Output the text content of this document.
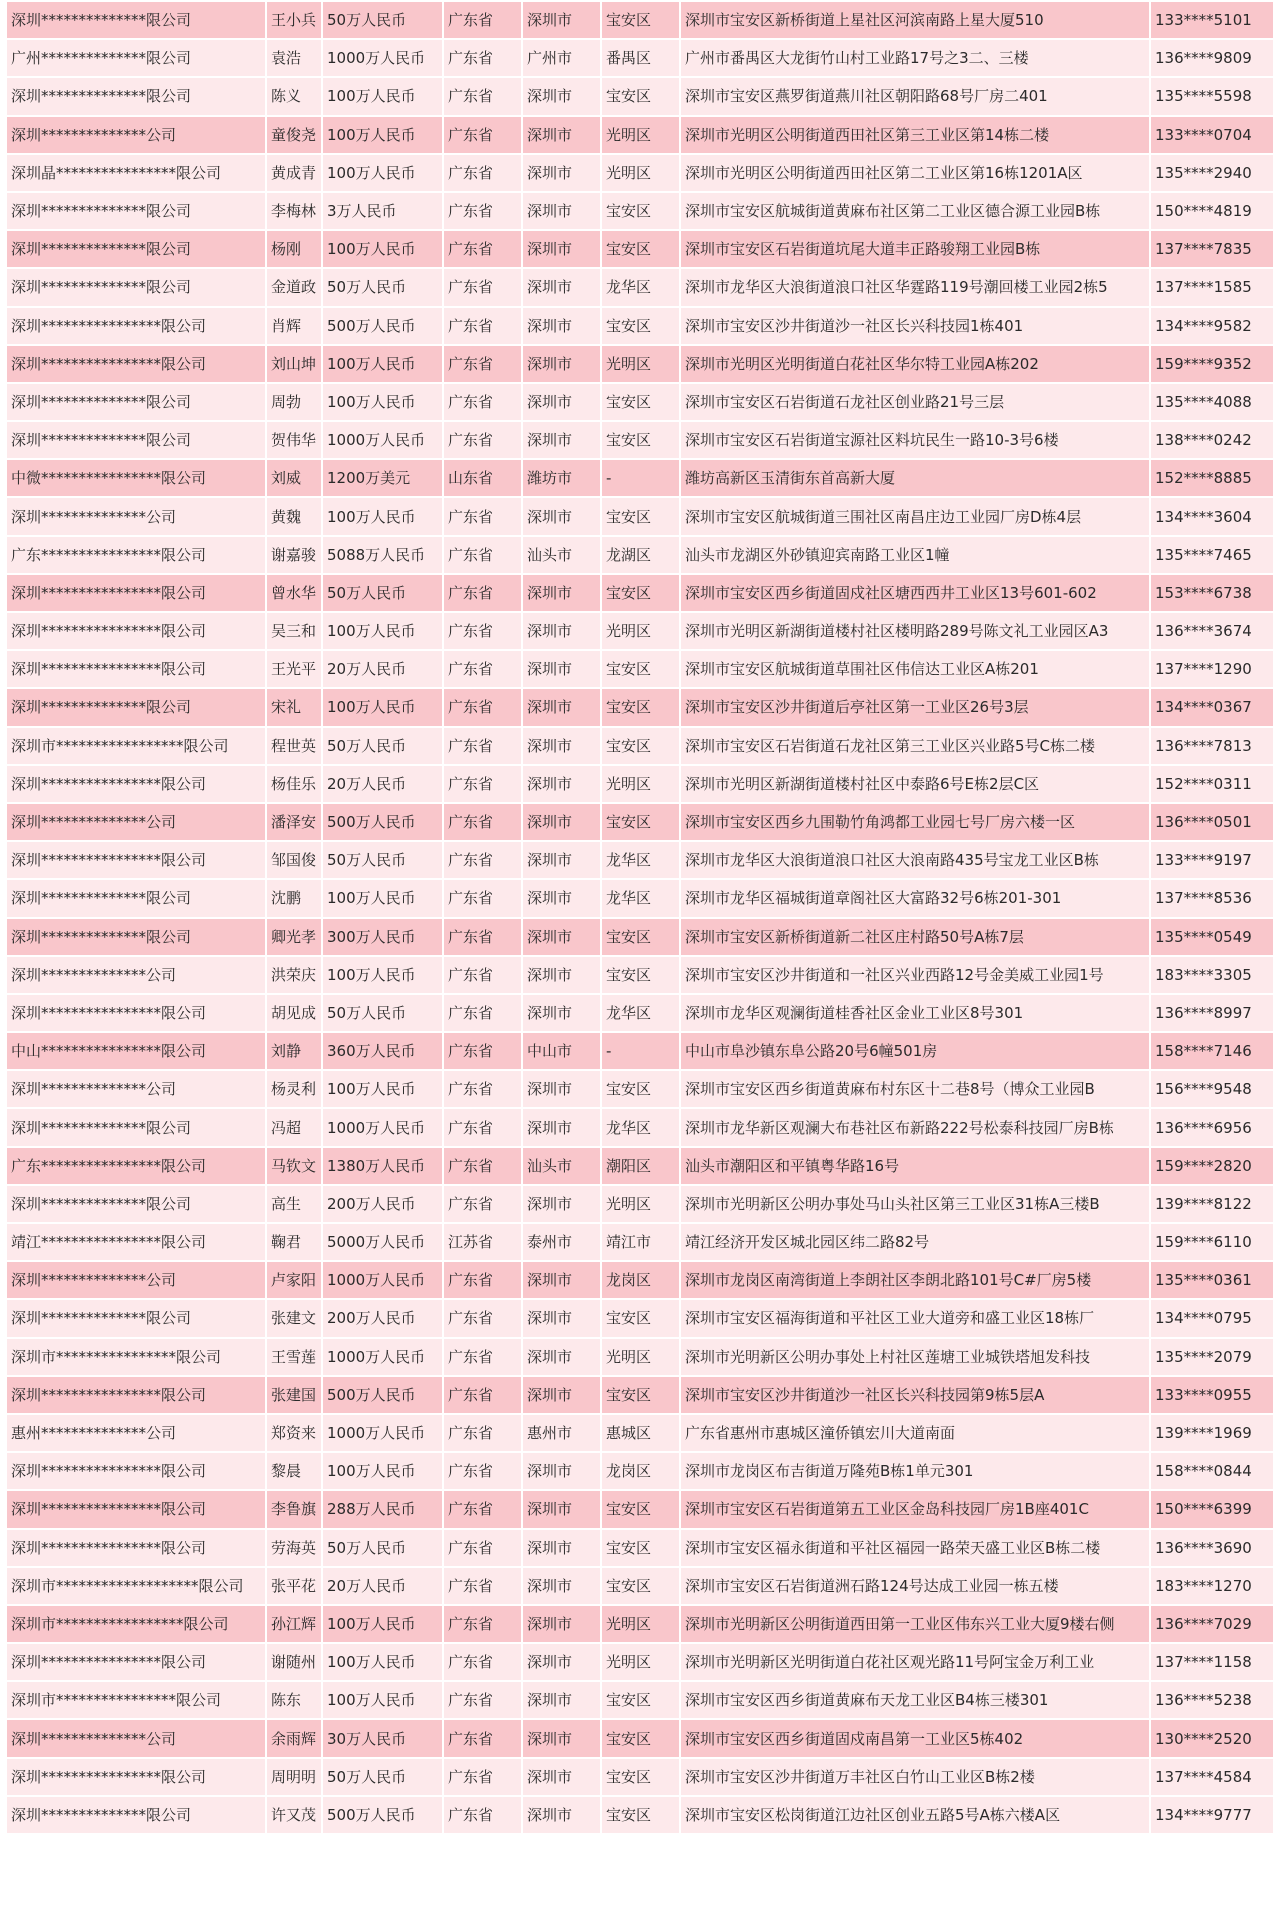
深圳**************限公司	王小兵	50万人民币	广东省	深圳市	宝安区	深圳市宝安区新桥街道上星社区河滨南路上星大厦510	133****5101
广州**************限公司	袁浩	1000万人民币	广东省	广州市	番禺区	广州市番禺区大龙街竹山村工业路17号之3二、三楼	136****9809
深圳**************限公司	陈义	100万人民币	广东省	深圳市	宝安区	深圳市宝安区燕罗街道燕川社区朝阳路68号厂房二401	135****5598
深圳**************公司	童俊尧	100万人民币	广东省	深圳市	光明区	深圳市光明区公明街道西田社区第三工业区第14栋二楼	133****0704
深圳晶****************限公司	黄成青	100万人民币	广东省	深圳市	光明区	深圳市光明区公明街道西田社区第二工业区第16栋1201A区	135****2940
深圳**************限公司	李梅林	3万人民币	广东省	深圳市	宝安区	深圳市宝安区航城街道黄麻布社区第二工业区德合源工业园B栋	150****4819
深圳**************限公司	杨刚	100万人民币	广东省	深圳市	宝安区	深圳市宝安区石岩街道坑尾大道丰正路骏翔工业园B栋	137****7835
深圳**************限公司	金道政	50万人民币	广东省	深圳市	龙华区	深圳市龙华区大浪街道浪口社区华霆路119号潮回楼工业园2栋5	137****1585
深圳****************限公司	肖辉	500万人民币	广东省	深圳市	宝安区	深圳市宝安区沙井街道沙一社区长兴科技园1栋401	134****9582
深圳****************限公司	刘山坤	100万人民币	广东省	深圳市	光明区	深圳市光明区光明街道白花社区华尔特工业园A栋202	159****9352
深圳**************限公司	周勃	100万人民币	广东省	深圳市	宝安区	深圳市宝安区石岩街道石龙社区创业路21号三层	135****4088
深圳**************限公司	贺伟华	1000万人民币	广东省	深圳市	宝安区	深圳市宝安区石岩街道宝源社区料坑民生一路10-3号6楼	138****0242
中微****************限公司	刘威	1200万美元	山东省	潍坊市	-	潍坊高新区玉清街东首高新大厦	152****8885
深圳**************公司	黄魏	100万人民币	广东省	深圳市	宝安区	深圳市宝安区航城街道三围社区南昌庄边工业园厂房D栋4层	134****3604
广东****************限公司	谢嘉骏	5088万人民币	广东省	汕头市	龙湖区	汕头市龙湖区外砂镇迎宾南路工业区1幢	135****7465
深圳****************限公司	曾水华	50万人民币	广东省	深圳市	宝安区	深圳市宝安区西乡街道固戍社区塘西西井工业区13号601-602	153****6738
深圳****************限公司	吴三和	100万人民币	广东省	深圳市	光明区	深圳市光明区新湖街道楼村社区楼明路289号陈文礼工业园区A3	136****3674
深圳****************限公司	王光平	20万人民币	广东省	深圳市	宝安区	深圳市宝安区航城街道草围社区伟信达工业区A栋201	137****1290
深圳**************限公司	宋礼	100万人民币	广东省	深圳市	宝安区	深圳市宝安区沙井街道后亭社区第一工业区26号3层	134****0367
深圳市*****************限公司	程世英	50万人民币	广东省	深圳市	宝安区	深圳市宝安区石岩街道石龙社区第三工业区兴业路5号C栋二楼	136****7813
深圳****************限公司	杨佳乐	20万人民币	广东省	深圳市	光明区	深圳市光明区新湖街道楼村社区中泰路6号E栋2层C区	152****0311
深圳**************公司	潘泽安	500万人民币	广东省	深圳市	宝安区	深圳市宝安区西乡九围勒竹角鸿都工业园七号厂房六楼一区	136****0501
深圳****************限公司	邹国俊	50万人民币	广东省	深圳市	龙华区	深圳市龙华区大浪街道浪口社区大浪南路435号宝龙工业区B栋	133****9197
深圳**************限公司	沈鹏	100万人民币	广东省	深圳市	龙华区	深圳市龙华区福城街道章阁社区大富路32号6栋201-301	137****8536
深圳**************限公司	卿光孝	300万人民币	广东省	深圳市	宝安区	深圳市宝安区新桥街道新二社区庄村路50号A栋7层	135****0549
深圳**************公司	洪荣庆	100万人民币	广东省	深圳市	宝安区	深圳市宝安区沙井街道和一社区兴业西路12号金美威工业园1号	183****3305
深圳****************限公司	胡见成	50万人民币	广东省	深圳市	龙华区	深圳市龙华区观澜街道桂香社区金业工业区8号301	136****8997
中山****************限公司	刘静	360万人民币	广东省	中山市	-	中山市阜沙镇东阜公路20号6幢501房	158****7146
深圳**************公司	杨灵利	100万人民币	广东省	深圳市	宝安区	深圳市宝安区西乡街道黄麻布村东区十二巷8号（博众工业园B	156****9548
深圳**************限公司	冯超	1000万人民币	广东省	深圳市	龙华区	深圳市龙华新区观澜大布巷社区布新路222号松泰科技园厂房B栋	136****6956
广东****************限公司	马钦文	1380万人民币	广东省	汕头市	潮阳区	汕头市潮阳区和平镇粤华路16号	159****2820
深圳**************限公司	高生	200万人民币	广东省	深圳市	光明区	深圳市光明新区公明办事处马山头社区第三工业区31栋A三楼B	139****8122
靖江****************限公司	鞠君	5000万人民币	江苏省	泰州市	靖江市	靖江经济开发区城北园区纬二路82号	159****6110
深圳**************公司	卢家阳	1000万人民币	广东省	深圳市	龙岗区	深圳市龙岗区南湾街道上李朗社区李朗北路101号C#厂房5楼	135****0361
深圳**************限公司	张建文	200万人民币	广东省	深圳市	宝安区	深圳市宝安区福海街道和平社区工业大道旁和盛工业区18栋厂	134****0795
深圳市****************限公司	王雪莲	1000万人民币	广东省	深圳市	光明区	深圳市光明新区公明办事处上村社区莲塘工业城铁塔旭发科技	135****2079
深圳****************限公司	张建国	500万人民币	广东省	深圳市	宝安区	深圳市宝安区沙井街道沙一社区长兴科技园第9栋5层A	133****0955
惠州**************公司	郑资来	1000万人民币	广东省	惠州市	惠城区	广东省惠州市惠城区潼侨镇宏川大道南面	139****1969
深圳****************限公司	黎晨	100万人民币	广东省	深圳市	龙岗区	深圳市龙岗区布吉街道万隆苑B栋1单元301	158****0844
深圳****************限公司	李鲁旗	288万人民币	广东省	深圳市	宝安区	深圳市宝安区石岩街道第五工业区金岛科技园厂房1B座401C	150****6399
深圳****************限公司	劳海英	50万人民币	广东省	深圳市	宝安区	深圳市宝安区福永街道和平社区福园一路荣天盛工业区B栋二楼	136****3690
深圳市*******************限公司	张平花	20万人民币	广东省	深圳市	宝安区	深圳市宝安区石岩街道洲石路124号达成工业园一栋五楼	183****1270
深圳市*****************限公司	孙江辉	100万人民币	广东省	深圳市	光明区	深圳市光明新区公明街道西田第一工业区伟东兴工业大厦9楼右侧	136****7029
深圳****************限公司	谢随州	100万人民币	广东省	深圳市	光明区	深圳市光明新区光明街道白花社区观光路11号阿宝金万利工业	137****1158
深圳市****************限公司	陈东	100万人民币	广东省	深圳市	宝安区	深圳市宝安区西乡街道黄麻布天龙工业区B4栋三楼301	136****5238
深圳**************公司	余雨辉	30万人民币	广东省	深圳市	宝安区	深圳市宝安区西乡街道固戍南昌第一工业区5栋402	130****2520
深圳****************限公司	周明明	50万人民币	广东省	深圳市	宝安区	深圳市宝安区沙井街道万丰社区白竹山工业区B栋2楼	137****4584
深圳**************限公司	许又茂	500万人民币	广东省	深圳市	宝安区	深圳市宝安区松岗街道江边社区创业五路5号A栋六楼A区	134****9777
